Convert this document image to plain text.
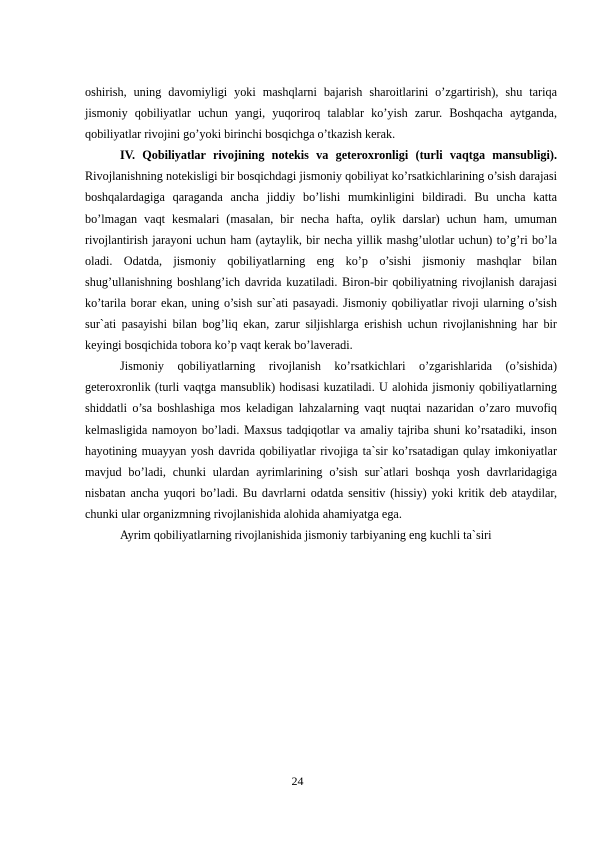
oshirish, uning davomiyligi yoki mashqlarni bajarish sharoitlarini o’zgartirish), shu tariqa jismoniy qobiliyatlar uchun yangi, yuqoriroq talablar ko’yish zarur. Boshqacha aytganda, qobiliyatlar rivojini go’yoki birinchi bosqichga o’tkazish kerak.

IV. Qobiliyatlar rivojining notekis va geteroxronligi (turli vaqtga mansubligi). Rivojlanishning notekisligi bir bosqichdagi jismoniy qobiliyat ko’rsatkichlarining o’sish darajasi boshqalardagiga qaraganda ancha jiddiy bo’lishi mumkinligini bildiradi. Bu uncha katta bo’lmagan vaqt kesmalari (masalan, bir necha hafta, oylik darslar) uchun ham, umuman rivojlantirish jarayoni uchun ham (aytaylik, bir necha yillik mashg’ulotlar uchun) to’g’ri bo’la oladi. Odatda, jismoniy qobiliyatlarning eng ko’p o’sishi jismoniy mashqlar bilan shug’ullanishning boshlang’ich davrida kuzatiladi. Biron-bir qobiliyatning rivojlanish darajasi ko’tarila borar ekan, uning o’sish sur`ati pasayadi. Jismoniy qobiliyatlar rivoji ularning o’sish sur`ati pasayishi bilan bog’liq ekan, zarur siljishlarga erishish uchun rivojlanishning har bir keyingi bosqichida tobora ko’p vaqt kerak bo’laveradi.

Jismoniy qobiliyatlarning rivojlanish ko’rsatkichlari o’zgarishlarida (o’sishida) geteroxronlik (turli vaqtga mansublik) hodisasi kuzatiladi. U alohida jismoniy qobiliyatlarning shiddatli o’sa boshlashiga mos keladigan lahzalarning vaqt nuqtai nazaridan o’zaro muvofiq kelmasligida namoyon bo’ladi. Maxsus tadqiqotlar va amaliy tajriba shuni ko’rsatadiki, inson hayotining muayyan yosh davrida qobiliyatlar rivojiga ta`sir ko’rsatadigan qulay imkoniyatlar mavjud bo’ladi, chunki ulardan ayrimlarining o’sish sur`atlari boshqa yosh davrlaridagiga nisbatan ancha yuqori bo’ladi. Bu davrlarni odatda sensitiv (hissiy) yoki kritik deb ataydilar, chunki ular organizmning rivojlanishida alohida ahamiyatga ega.

Ayrim qobiliyatlarning rivojlanishida jismoniy tarbiyaning eng kuchli ta`siri

24
